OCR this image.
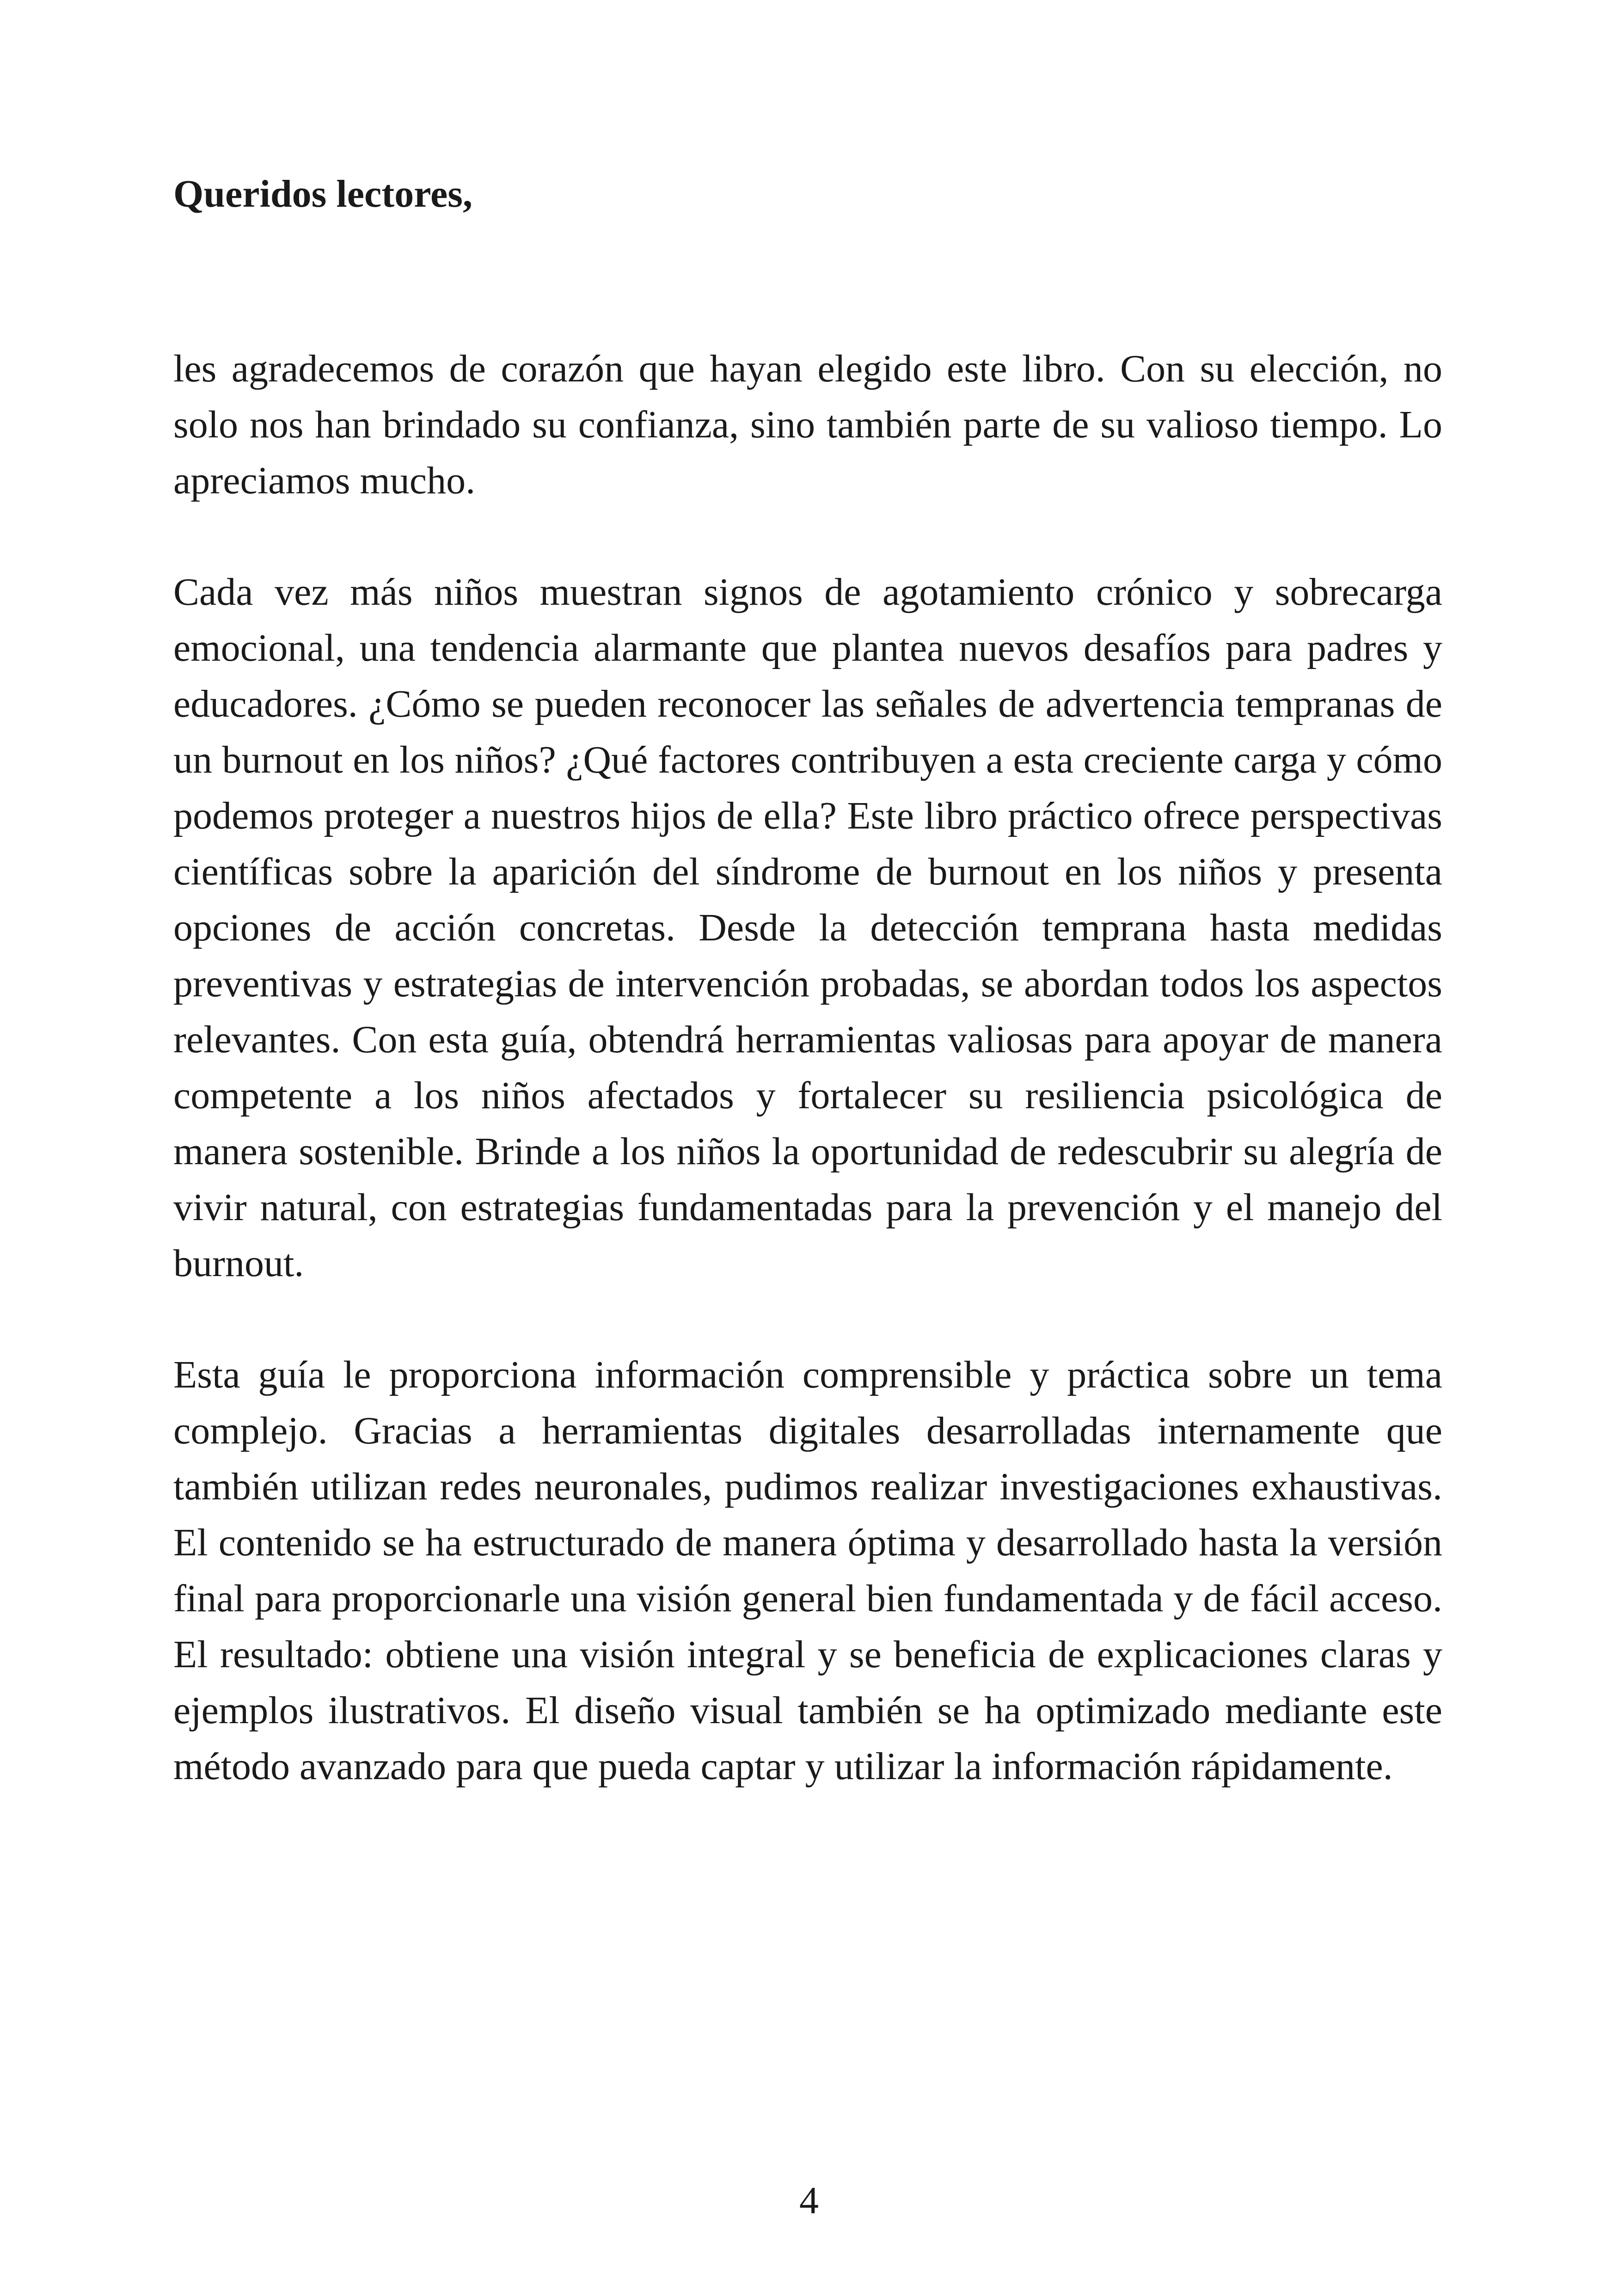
Queridos lectores,

les agradecemos de corazón que hayan elegido este libro. Con su elección, no solo nos han brindado su confianza, sino también parte de su valioso tiempo. Lo apreciamos mucho.

Cada vez más niños muestran signos de agotamiento crónico y sobrecarga emocional, una tendencia alarmante que plantea nuevos desafíos para padres y educadores. ¿Cómo se pueden reconocer las señales de advertencia tempranas de un burnout en los niños? ¿Qué factores contribuyen a esta creciente carga y cómo podemos proteger a nuestros hijos de ella? Este libro práctico ofrece perspectivas científicas sobre la aparición del síndrome de burnout en los niños y presenta opciones de acción concretas. Desde la detección temprana hasta medidas preventivas y estrategias de intervención probadas, se abordan todos los aspectos relevantes. Con esta guía, obtendrá herramientas valiosas para apoyar de manera competente a los niños afectados y fortalecer su resiliencia psicológica de manera sostenible. Brinde a los niños la oportunidad de redescubrir su alegría de vivir natural, con estrategias fundamentadas para la prevención y el manejo del burnout.

Esta guía le proporciona información comprensible y práctica sobre un tema complejo. Gracias a herramientas digitales desarrolladas internamente que también utilizan redes neuronales, pudimos realizar investigaciones exhaustivas. El contenido se ha estructurado de manera óptima y desarrollado hasta la versión final para proporcionarle una visión general bien fundamentada y de fácil acceso. El resultado: obtiene una visión integral y se beneficia de explicaciones claras y ejemplos ilustrativos. El diseño visual también se ha optimizado mediante este método avanzado para que pueda captar y utilizar la información rápidamente.

4
